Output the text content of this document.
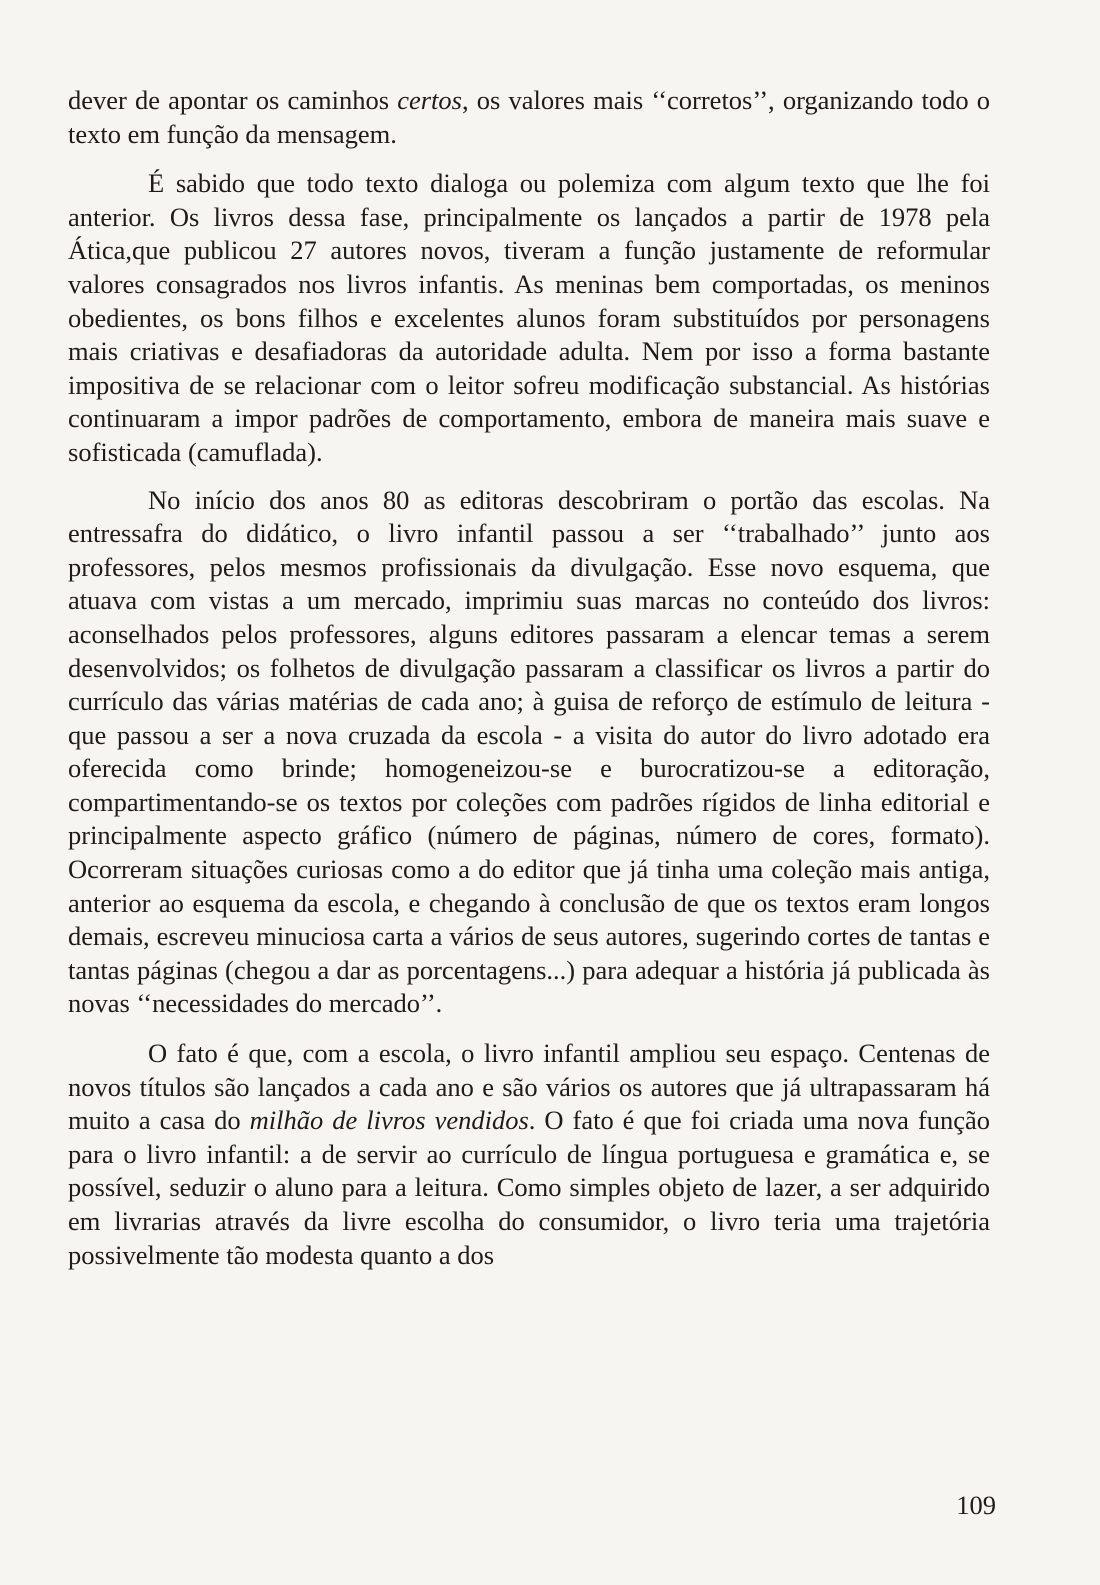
dever de apontar os caminhos certos, os valores mais ‘‘corretos’’, organizando todo o texto em função da mensagem.

É sabido que todo texto dialoga ou polemiza com algum texto que lhe foi anterior. Os livros dessa fase, principalmente os lançados a partir de 1978 pela Ática,que publicou 27 autores novos, tiveram a função justamente de reformular valores consagrados nos livros infantis. As meninas bem comportadas, os meninos obedientes, os bons filhos e excelentes alunos foram substituídos por personagens mais criativas e desafiadoras da autoridade adulta. Nem por isso a forma bastante impositiva de se relacionar com o leitor sofreu modificação substancial. As histórias continuaram a impor padrões de comportamento, embora de maneira mais suave e sofisticada (camuflada).

No início dos anos 80 as editoras descobriram o portão das escolas. Na entressafra do didático, o livro infantil passou a ser ‘‘trabalhado’’ junto aos professores, pelos mesmos profissionais da divulgação. Esse novo esquema, que atuava com vistas a um mercado, imprimiu suas marcas no conteúdo dos livros: aconselhados pelos professores, alguns editores passaram a elencar temas a serem desenvolvidos; os folhetos de divulgação passaram a classificar os livros a partir do currículo das várias matérias de cada ano; à guisa de reforço de estímulo de leitura - que passou a ser a nova cruzada da escola - a visita do autor do livro adotado era oferecida como brinde; homogeneizou-se e burocratizou-se a editoração, compartimentando-se os textos por coleções com padrões rígidos de linha editorial e principalmente aspecto gráfico (número de páginas, número de cores, formato). Ocorreram situações curiosas como a do editor que já tinha uma coleção mais antiga, anterior ao esquema da escola, e chegando à conclusão de que os textos eram longos demais, escreveu minuciosa carta a vários de seus autores, sugerindo cortes de tantas e tantas páginas (chegou a dar as porcentagens...) para adequar a história já publicada às novas ‘‘necessidades do mercado’’.

O fato é que, com a escola, o livro infantil ampliou seu espaço. Centenas de novos títulos são lançados a cada ano e são vários os autores que já ultrapassaram há muito a casa do milhão de livros vendidos. O fato é que foi criada uma nova função para o livro infantil: a de servir ao currículo de língua portuguesa e gramática e, se possível, seduzir o aluno para a leitura. Como simples objeto de lazer, a ser adquirido em livrarias através da livre escolha do consumidor, o livro teria uma trajetória possivelmente tão modesta quanto a dos

109
